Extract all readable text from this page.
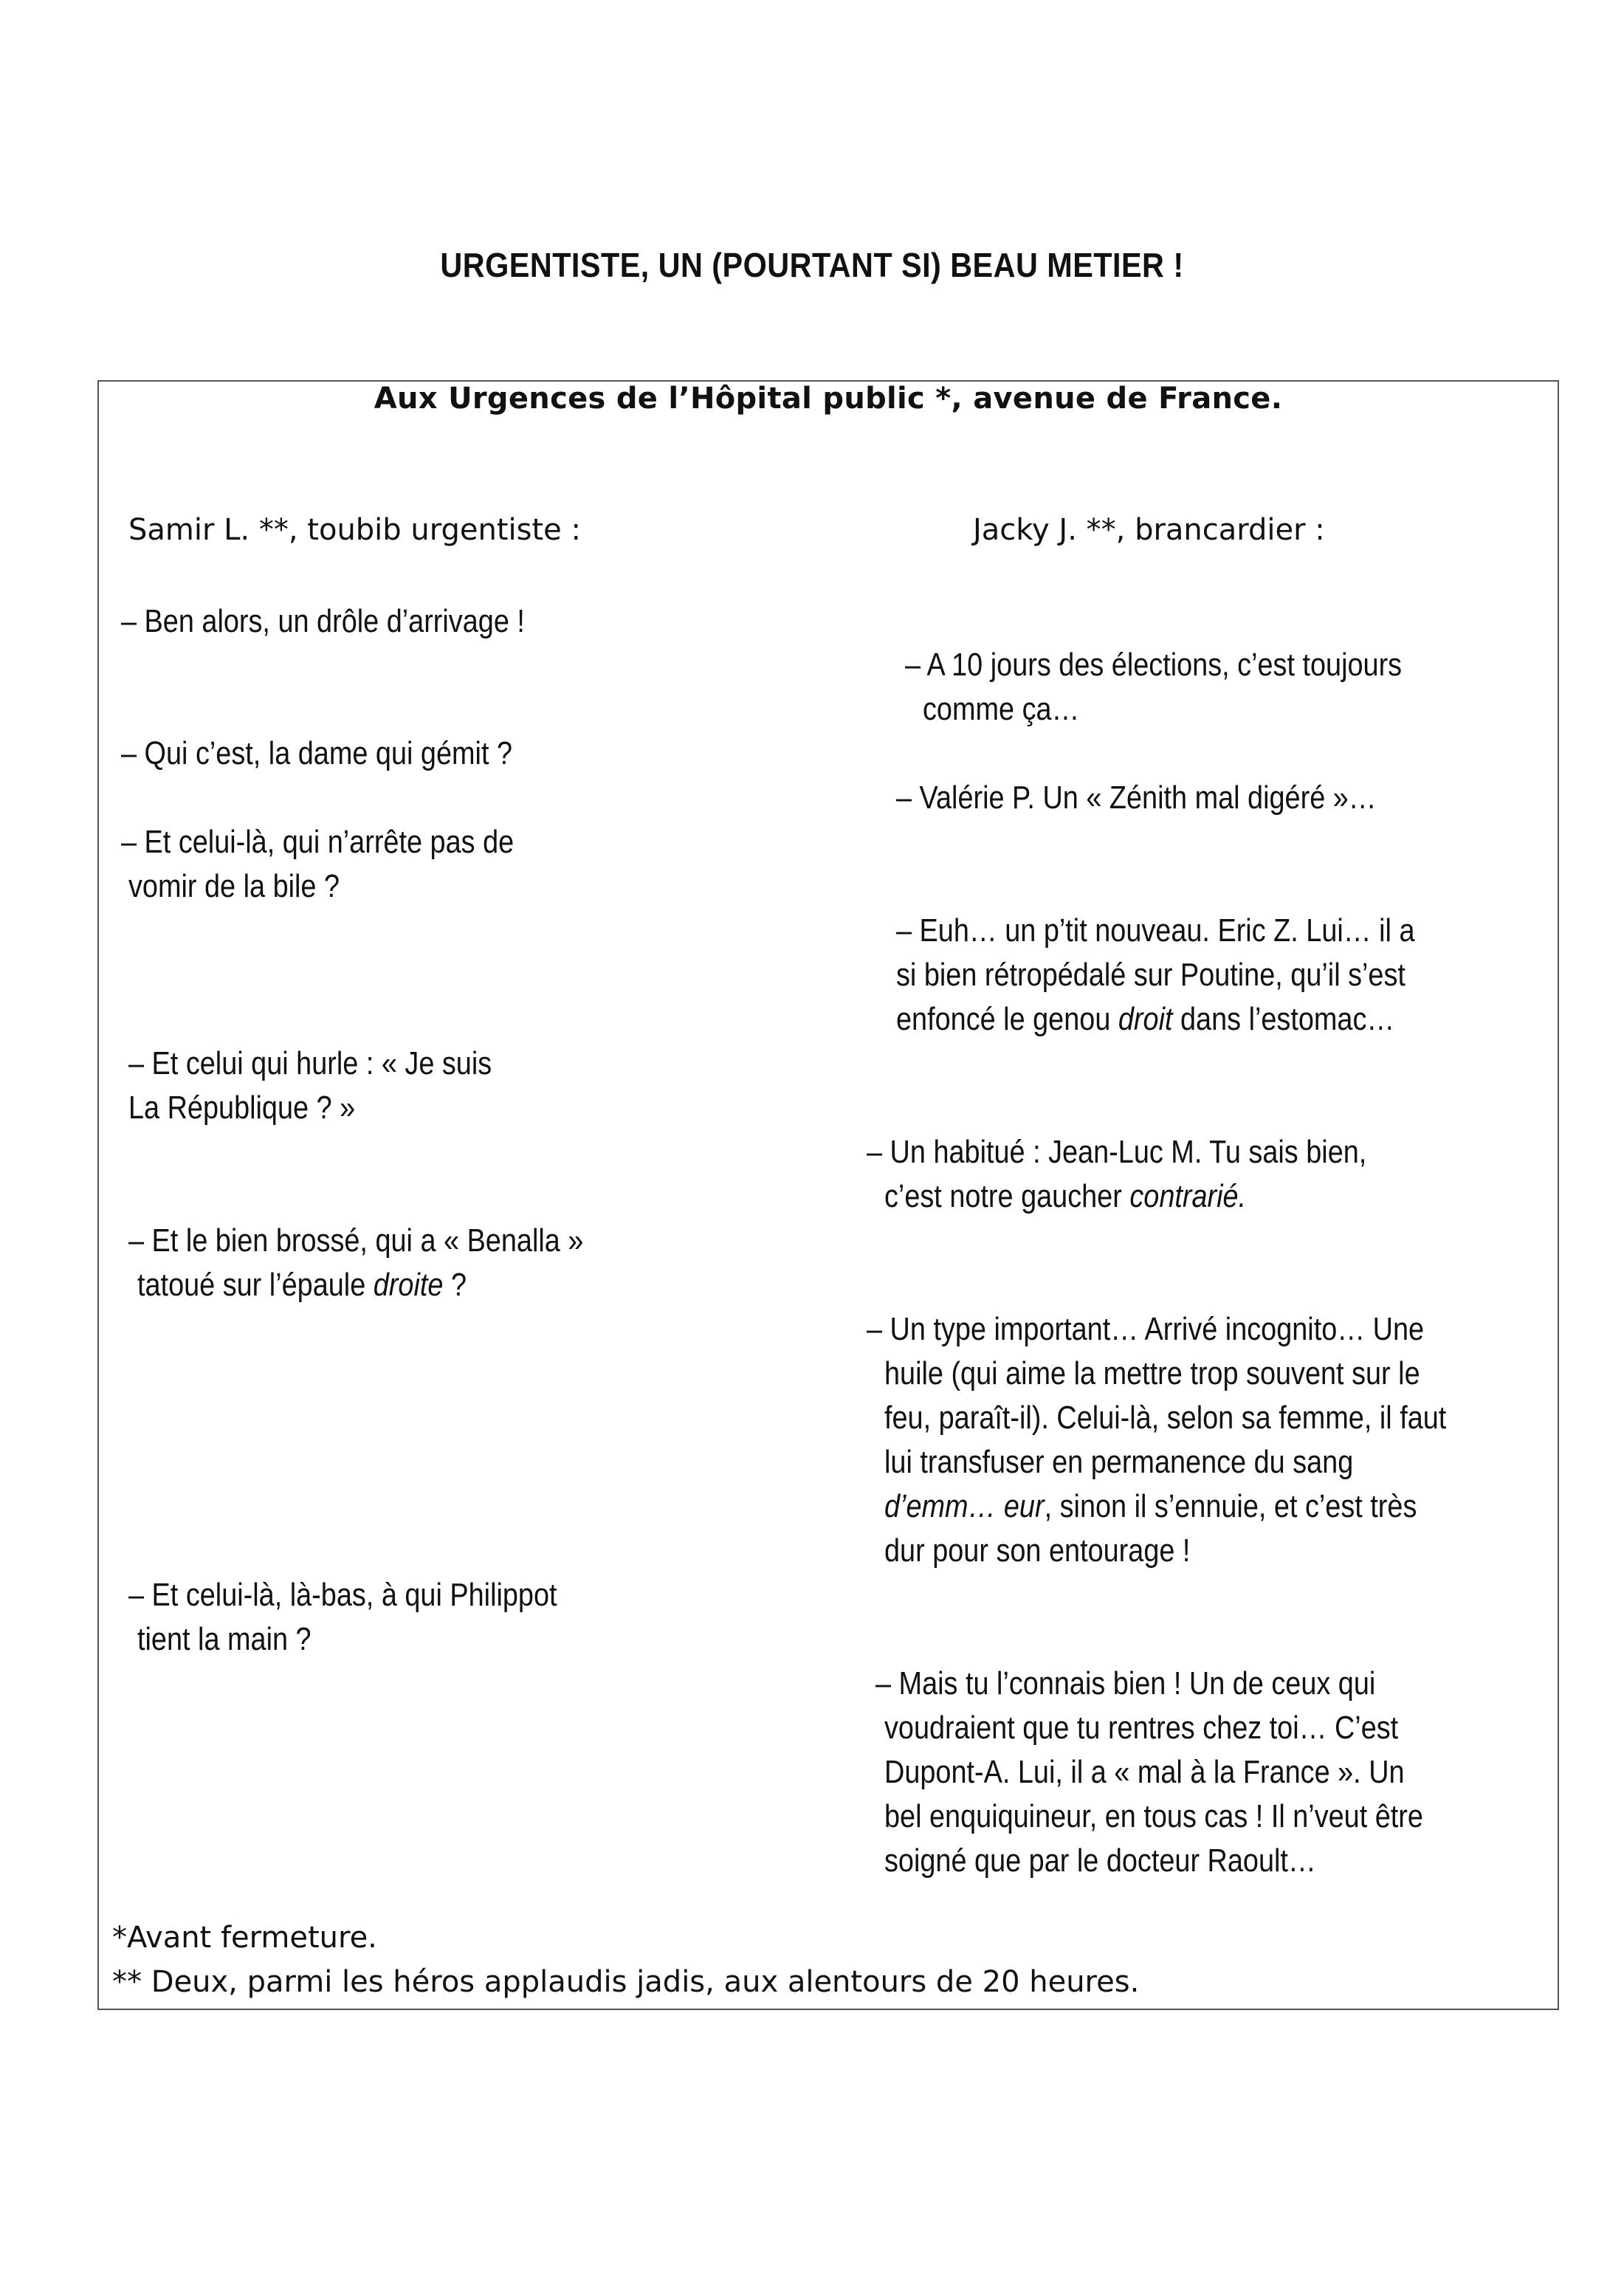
URGENTISTE, UN (POURTANT SI) BEAU METIER !
Aux Urgences de l’Hôpital public *, avenue de France.

Samir L. **, toubib urgentiste :	Jacky J. **, brancardier :

– Ben alors, un drôle d’arrivage !
– Qui c’est, la dame qui gémit ?
– Et celui-là, qui n’arrête pas de
vomir de la bile ?
– Et celui qui hurle : « Je suis
La République ? »
– Et le bien brossé, qui a « Benalla »
tatoué sur l’épaule droite ?
– Et celui-là, là-bas, à qui Philippot
tient la main ?
– A 10 jours des élections, c’est toujours
comme ça…
– Valérie P. Un « Zénith mal digéré »…
– Euh… un p’tit nouveau. Eric Z. Lui… il a
si bien rétropédalé sur Poutine, qu’il s’est
enfoncé le genou droit dans l’estomac…
– Un habitué : Jean-Luc M. Tu sais bien,
c’est notre gaucher contrarié.
– Un type important… Arrivé incognito… Une
huile (qui aime la mettre trop souvent sur le
feu, paraît-il). Celui-là, selon sa femme, il faut
lui transfuser en permanence du sang
d’emm… eur, sinon il s’ennuie, et c’est très
dur pour son entourage !
– Mais tu l’connais bien ! Un de ceux qui
voudraient que tu rentres chez toi… C’est
Dupont-A. Lui, il a « mal à la France ». Un
bel enquiquineur, en tous cas ! Il n’veut être
soigné que par le docteur Raoult…
*Avant fermeture.
** Deux, parmi les héros applaudis jadis, aux alentours de 20 heures.
